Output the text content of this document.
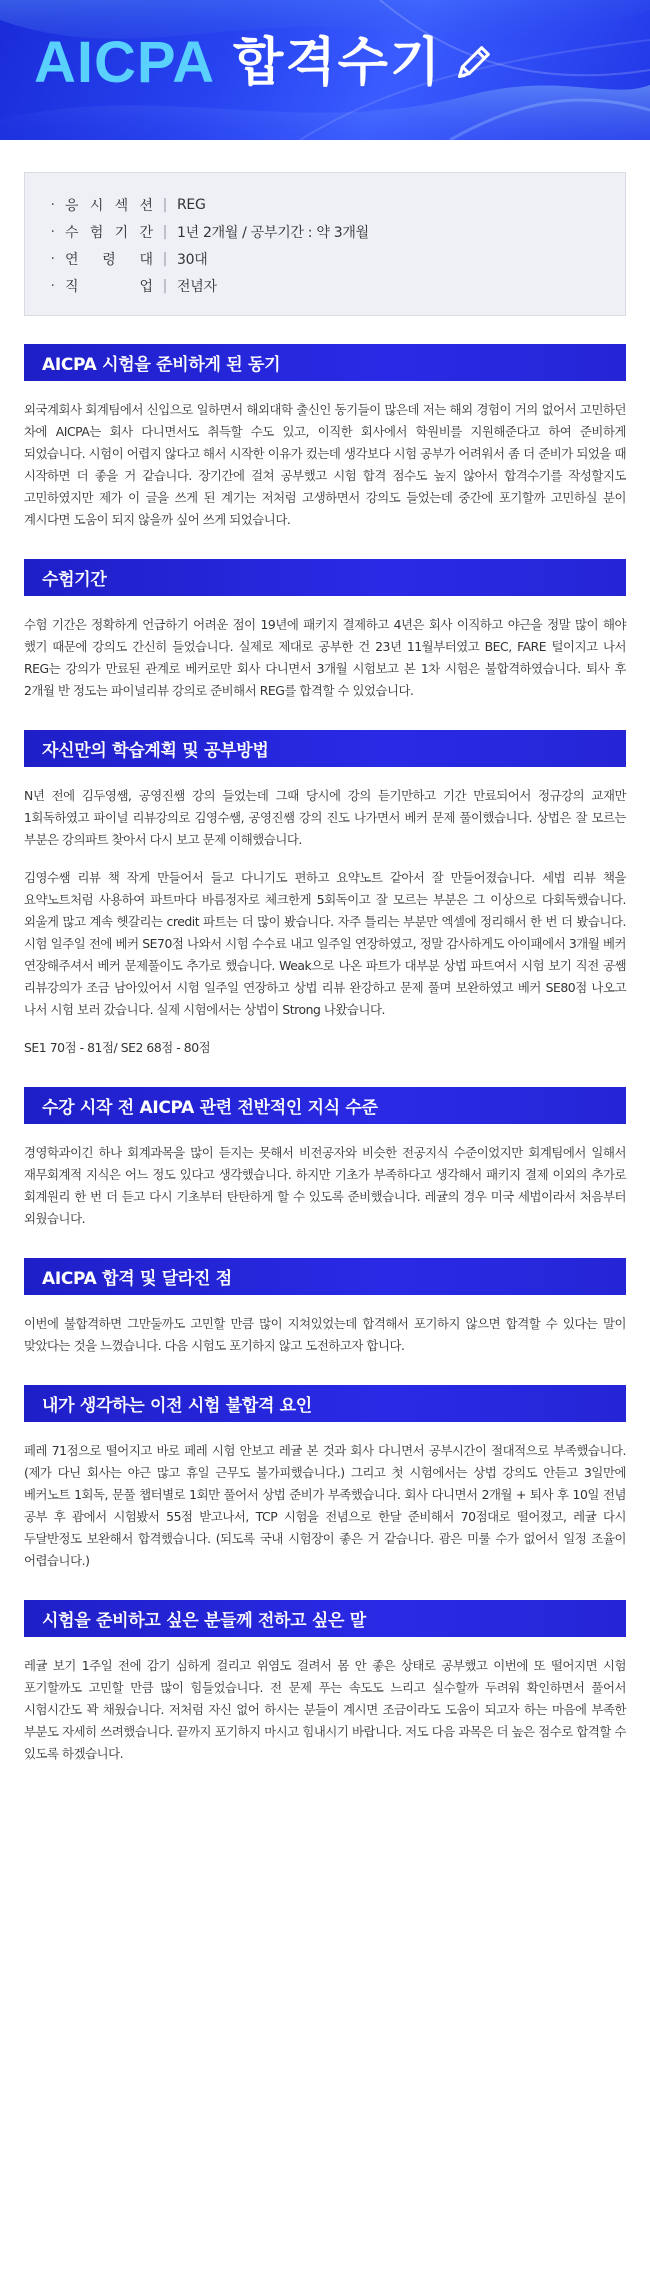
AICPA 합격수기
· 응 시 섹 션 | REG
· 수 험 기 간 | 1년 2개월 / 공부기간 : 약 3개월
· 연 령 대 | 30대
· 직	업 | 전념자
AICPA 시험을 준비하게 된 동기

외국계회사 회계팀에서 신입으로 일하면서 해외대학 출신인 동기들이 많은데 저는 해외 경험이 거의 없어서 고민하던 차에 AICPA는 회사 다니면서도 취득할 수도 있고, 이직한 회사에서 학원비를 지원해준다고 하여 준비하게 되었습니다. 시험이 어렵지 않다고 해서 시작한 이유가 컸는데 생각보다 시험 공부가 어려워서 좀 더 준비가 되었을 때 시작하면 더 좋을 거 같습니다. 장기간에 걸쳐 공부했고 시험 합격 점수도 높지 않아서 합격수기를 작성할지도 고민하였지만 제가 이 글을 쓰게 된 계기는 저처럼 고생하면서 강의도 들었는데 중간에 포기할까 고민하실 분이 계시다면 도움이 되지 않을까 싶어 쓰게 되었습니다.

수험기간

수험 기간은 정확하게 언급하기 어려운 점이 19년에 패키지 결제하고 4년은 회사 이직하고 야근을 정말 많이 해야 했기 때문에 강의도 간신히 들었습니다. 실제로 제대로 공부한 건 23년 11월부터였고 BEC, FARE 털이지고 나서 REG는 강의가 만료된 관계로 베커로만 회사 다니면서 3개월 시험보고 본 1차 시험은 불합격하였습니다. 퇴사 후 2개월 반 정도는 파이널리뷰 강의로 준비해서 REG를 합격할 수 있었습니다.

자신만의 학습계획 및 공부방법

N년 전에 김두영쌤, 공영진쌤 강의 들었는데 그때 당시에 강의 듣기만하고 기간 만료되어서 정규강의 교재만 1회독하였고 파이널 리뷰강의로 김영수쌤, 공영진쌤 강의 진도 나가면서 베커 문제 풀이했습니다. 상법은 잘 모르는 부분은 강의파트 찾아서 다시 보고 문제 이해했습니다.

김영수쌤 리뷰 책 작게 만들어서 들고 다니기도 편하고 요약노트 같아서 잘 만들어졌습니다. 세법 리뷰 책을 요약노트처럼 사용하여 파트마다 바름정자로 체크한게 5회독이고 잘 모르는 부분은 그 이상으로 다회독했습니다. 외울게 많고 계속 헷갈리는 credit 파트는 더 많이 봤습니다. 자주 틀리는 부분만 엑셀에 정리해서 한 번 더 봤습니다. 시험 일주일 전에 베커 SE70점 나와서 시험 수수료 내고 일주일 연장하였고, 정말 감사하게도 아이패에서 3개월 베커 연장해주셔서 베커 문제풀이도 추가로 했습니다. Weak으로 나온 파트가 대부분 상법 파트여서 시험 보기 직전 공쌤 리뷰강의가 조금 남아있어서 시험 일주일 연장하고 상법 리뷰 완강하고 문제 풀며 보완하였고 베커 SE80점 나오고 나서 시험 보러 갔습니다. 실제 시험에서는 상법이 Strong 나왔습니다.

SE1 70점 - 81점/ SE2 68점 - 80점

수강 시작 전 AICPA 관련 전반적인 지식 수준

경영학과이긴 하나 회계과목을 많이 듣지는 못해서 비전공자와 비슷한 전공지식 수준이었지만 회계팀에서 일해서 재무회계적 지식은 어느 정도 있다고 생각했습니다. 하지만 기초가 부족하다고 생각해서 패키지 결제 이외의 추가로 회계원리 한 번 더 듣고 다시 기초부터 탄탄하게 할 수 있도록 준비했습니다. 레귤의 경우 미국 세법이라서 처음부터 외웠습니다.

AICPA 합격 및 달라진 점

이번에 불합격하면 그만둘까도 고민할 만큼 많이 지쳐있었는데 합격해서 포기하지 않으면 합격할 수 있다는 말이 맞았다는 것을 느꼈습니다. 다음 시험도 포기하지 않고 도전하고자 합니다.

내가 생각하는 이전 시험 불합격 요인

페레 71점으로 떨어지고 바로 페레 시험 안보고 레귤 본 것과 회사 다니면서 공부시간이 절대적으로 부족했습니다. (제가 다닌 회사는 야근 많고 휴일 근무도 불가피했습니다.) 그리고 첫 시험에서는 상법 강의도 안듣고 3일만에 베커노트 1회독, 문풀 챕터별로 1회만 풀어서 상법 준비가 부족했습니다. 회사 다니면서 2개월 + 퇴사 후 10일 전념 공부 후 괌에서 시험봤서 55점 받고나서, TCP 시험을 전념으로 한달 준비해서 70점대로 떨어졌고, 레귤 다시 두달반정도 보완해서 합격했습니다. (되도록 국내 시험장이 좋은 거 같습니다. 괌은 미룰 수가 없어서 일정 조율이 어렵습니다.)

시험을 준비하고 싶은 분들께 전하고 싶은 말

레귤 보기 1주일 전에 감기 심하게 걸리고 위염도 걸려서 몸 안 좋은 상태로 공부했고 이번에 또 떨어지면 시험 포기할까도 고민할 만큼 많이 힘들었습니다. 전 문제 푸는 속도도 느리고 실수할까 두려워 확인하면서 풀어서 시험시간도 꽉 채웠습니다. 저처럼 자신 없어 하시는 분들이 계시면 조금이라도 도움이 되고자 하는 마음에 부족한 부분도 자세히 쓰려했습니다. 끝까지 포기하지 마시고 힘내시기 바랍니다. 저도 다음 과목은 더 높은 점수로 합격할 수 있도록 하겠습니다.
